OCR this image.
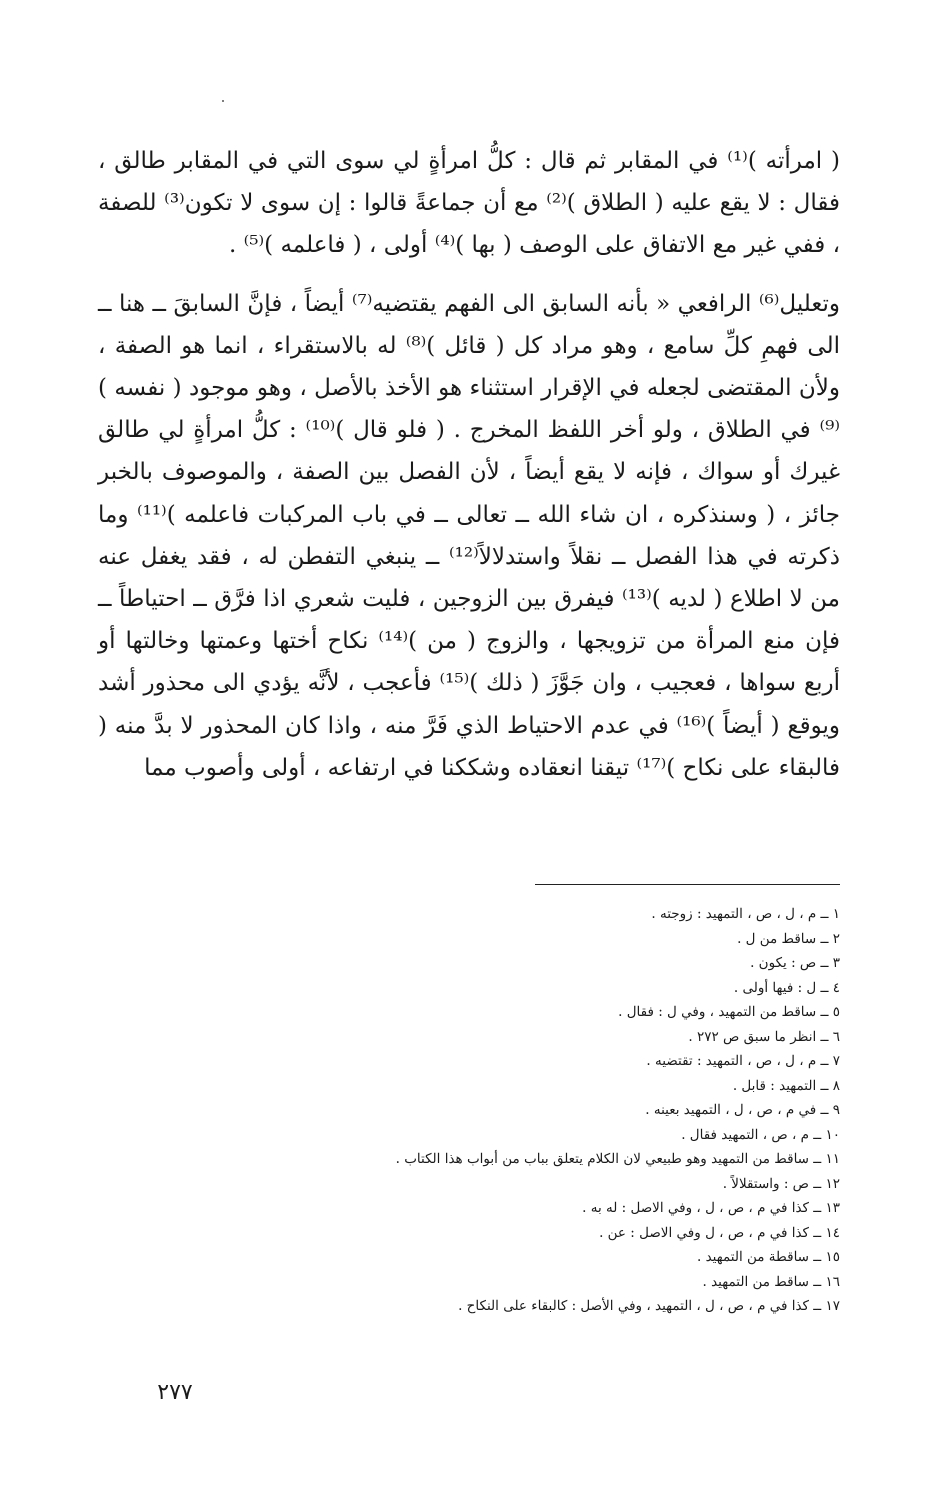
( امرأته )⁽¹⁾ في المقابر ثم قال : كلُّ امرأةٍ لي سوى التي في المقابر طالق ، فقال : لا يقع عليه ( الطلاق )⁽²⁾ مع أن جماعةً قالوا : إن سوى لا تكون⁽³⁾ للصفة ، ففي غير مع الاتفاق على الوصف ( بها )⁽⁴⁾ أولى ، ( فاعلمه )⁽⁵⁾ .

وتعليل⁽⁶⁾ الرافعي « بأنه السابق الى الفهم يقتضيه⁽⁷⁾ أيضاً ، فإنَّ السابقَ ــ هنا ــ الى فهمِ كلِّ سامع ، وهو مراد كل ( قائل )⁽⁸⁾ له بالاستقراء ، انما هو الصفة ، ولأن المقتضى لجعله في الإقرار استثناء هو الأخذ بالأصل ، وهو موجود ( نفسه )⁽⁹⁾ في الطلاق ، ولو أخر اللفظ المخرج . ( فلو قال )⁽¹⁰⁾ : كلُّ امرأةٍ لي طالق غيرك أو سواك ، فإنه لا يقع أيضاً ، لأن الفصل بين الصفة ، والموصوف بالخبر جائز ، ( وسنذكره ، ان شاء الله ــ تعالى ــ في باب المركبات فاعلمه )⁽¹¹⁾ وما ذكرته في هذا الفصل ــ نقلاً واستدلالاً⁽¹²⁾ ــ ينبغي التفطن له ، فقد يغفل عنه من لا اطلاع ( لديه )⁽¹³⁾ فيفرق بين الزوجين ، فليت شعري اذا فرَّق ــ احتياطاً ــ فإن منع المرأة من تزويجها ، والزوج ( من )⁽¹⁴⁾ نكاح أختها وعمتها وخالتها أو أربع سواها ، فعجيب ، وان جَوَّزَ ( ذلك )⁽¹⁵⁾ فأعجب ، لأنَّه يؤدي الى محذور أشد ويوقع ( أيضاً )⁽¹⁶⁾ في عدم الاحتياط الذي فَرَّ منه ، واذا كان المحذور لا بدَّ منه ( فالبقاء على نكاح )⁽¹⁷⁾ تيقنا انعقاده وشككنا في ارتفاعه ، أولى وأصوب مما

١ ــ م ، ل ، ص ، التمهيد : زوجته .
٢ ــ ساقط من ل .
٣ ــ ص : يكون .
٤ ــ ل : فيها أولى .
٥ ــ ساقط من التمهيد ، وفي ل : فقال .
٦ ــ انظر ما سبق ص ٢٧٢ .
٧ ــ م ، ل ، ص ، التمهيد : تقتضيه .
٨ ــ التمهيد : قابل .
٩ ــ في م ، ص ، ل ، التمهيد بعينه .
١٠ ــ م ، ص ، التمهيد فقال .
١١ ــ ساقط من التمهيد وهو طبيعي لان الكلام يتعلق بباب من أبواب هذا الكتاب .
١٢ ــ ص : واستقلالاً .
١٣ ــ كذا في م ، ص ، ل ، وفي الاصل : له به .
١٤ ــ كذا في م ، ص ، ل وفي الاصل : عن .
١٥ ــ ساقطة من التمهيد .
١٦ ــ ساقط من التمهيد .
١٧ ــ كذا في م ، ص ، ل ، التمهيد ، وفي الأصل : كالبقاء على النكاح .
٢٧٧
